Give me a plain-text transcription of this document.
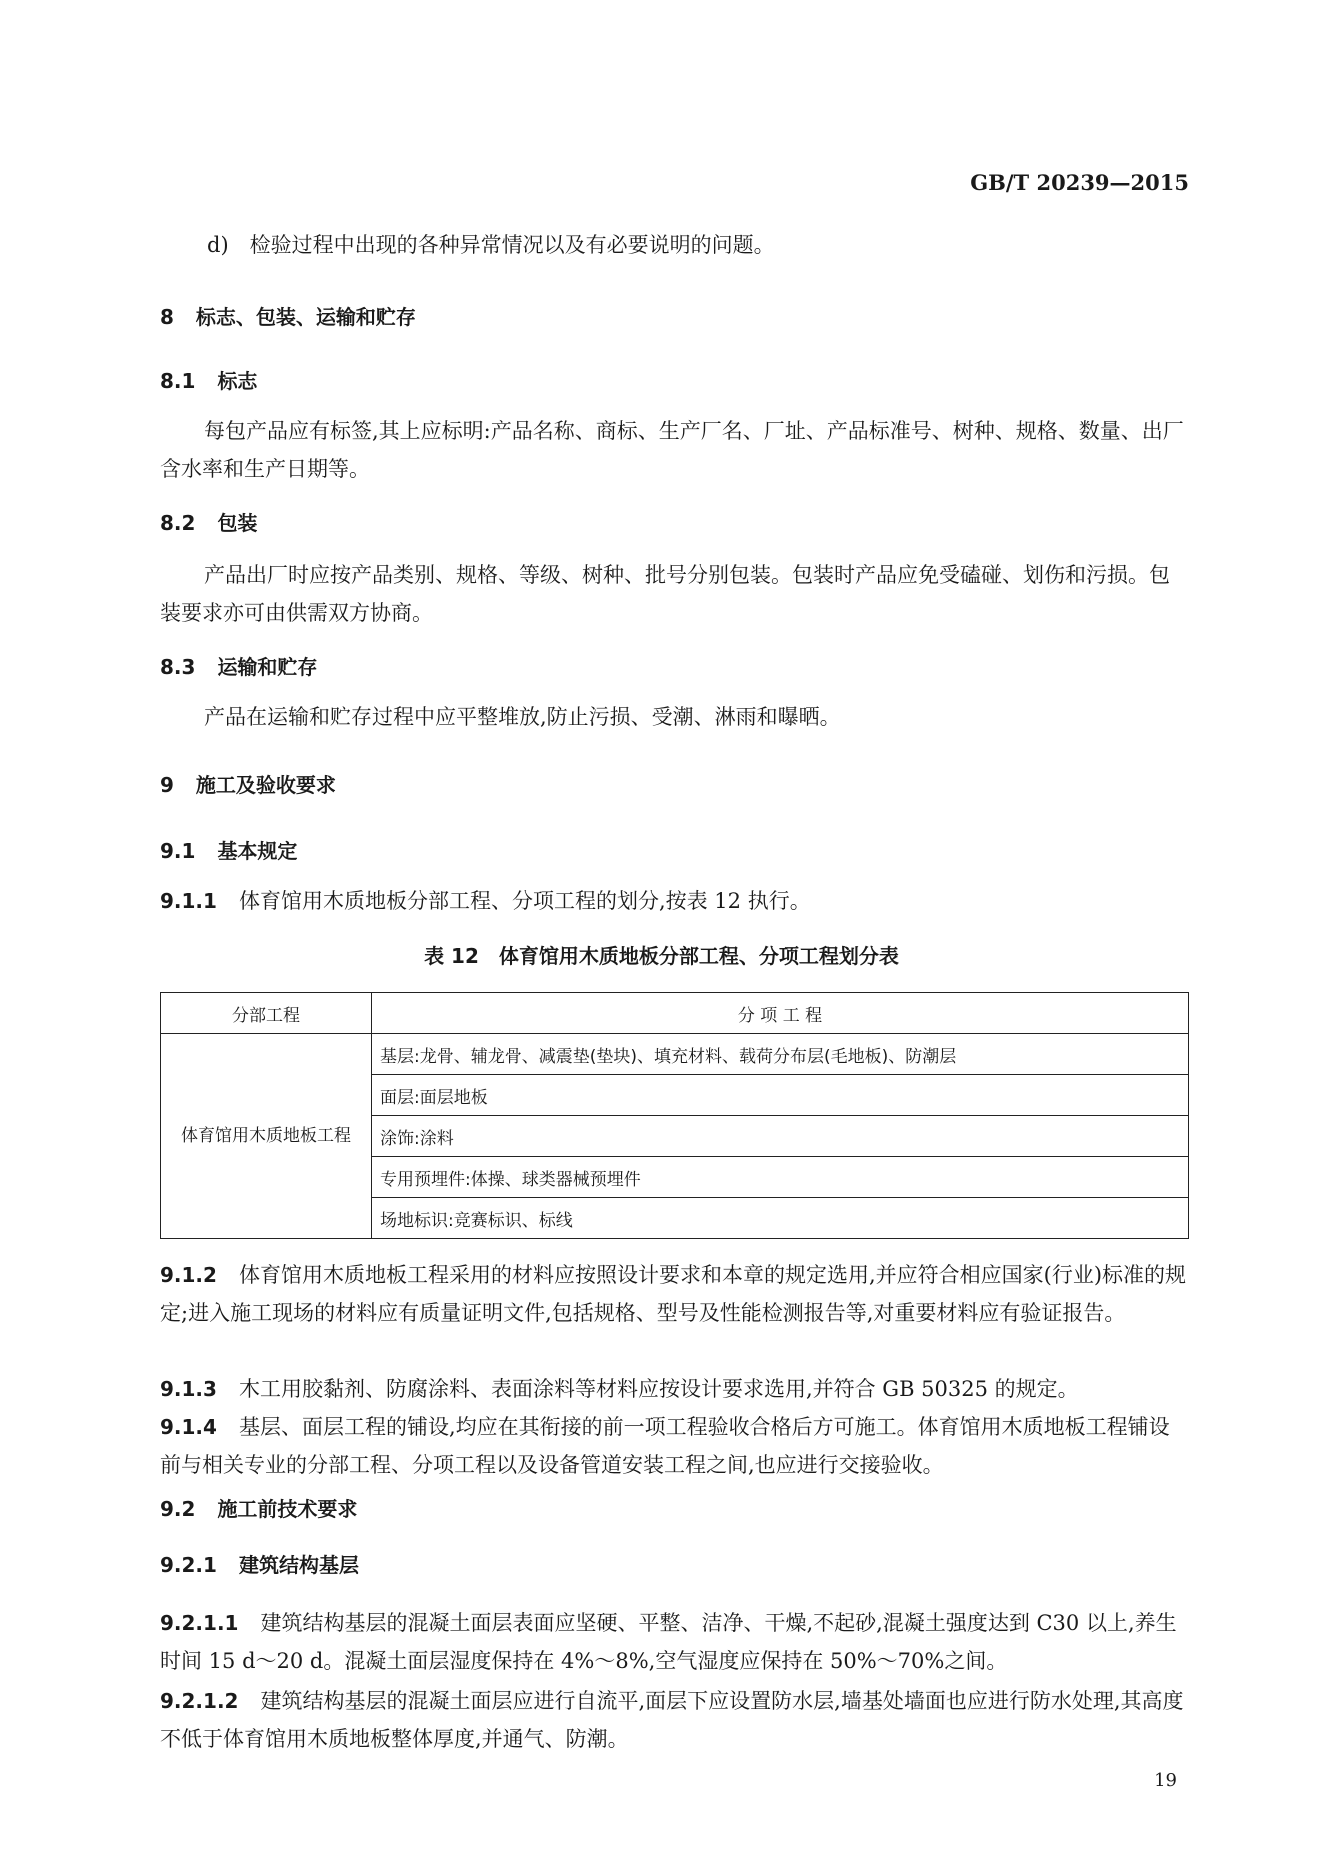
GB/T 20239—2015
d)　检验过程中出现的各种异常情况以及有必要说明的问题。
8 标志、包装、运输和贮存
8.1 标志
每包产品应有标签,其上应标明:产品名称、商标、生产厂名、厂址、产品标准号、树种、规格、数量、出厂含水率和生产日期等。
8.2 包装
产品出厂时应按产品类别、规格、等级、树种、批号分别包装。包装时产品应免受磕碰、划伤和污损。包装要求亦可由供需双方协商。
8.3 运输和贮存
产品在运输和贮存过程中应平整堆放,防止污损、受潮、淋雨和曝晒。
9 施工及验收要求
9.1 基本规定
9.1.1 体育馆用木质地板分部工程、分项工程的划分,按表 12 执行。
表 12　体育馆用木质地板分部工程、分项工程划分表
分部工程	分 项 工 程
体育馆用木质地板工程	基层:龙骨、辅龙骨、减震垫(垫块)、填充材料、载荷分布层(毛地板)、防潮层
	面层:面层地板
	涂饰:涂料
	专用预埋件:体操、球类器械预埋件
	场地标识:竞赛标识、标线
9.1.2 体育馆用木质地板工程采用的材料应按照设计要求和本章的规定选用,并应符合相应国家(行业)标准的规定;进入施工现场的材料应有质量证明文件,包括规格、型号及性能检测报告等,对重要材料应有验证报告。
9.1.3 木工用胶黏剂、防腐涂料、表面涂料等材料应按设计要求选用,并符合 GB 50325 的规定。
9.1.4 基层、面层工程的铺设,均应在其衔接的前一项工程验收合格后方可施工。体育馆用木质地板工程铺设前与相关专业的分部工程、分项工程以及设备管道安装工程之间,也应进行交接验收。
9.2 施工前技术要求
9.2.1 建筑结构基层
9.2.1.1 建筑结构基层的混凝土面层表面应坚硬、平整、洁净、干燥,不起砂,混凝土强度达到 C30 以上,养生时间 15 d～20 d。混凝土面层湿度保持在 4%～8%,空气湿度应保持在 50%～70%之间。
9.2.1.2 建筑结构基层的混凝土面层应进行自流平,面层下应设置防水层,墙基处墙面也应进行防水处理,其高度不低于体育馆用木质地板整体厚度,并通气、防潮。
19
